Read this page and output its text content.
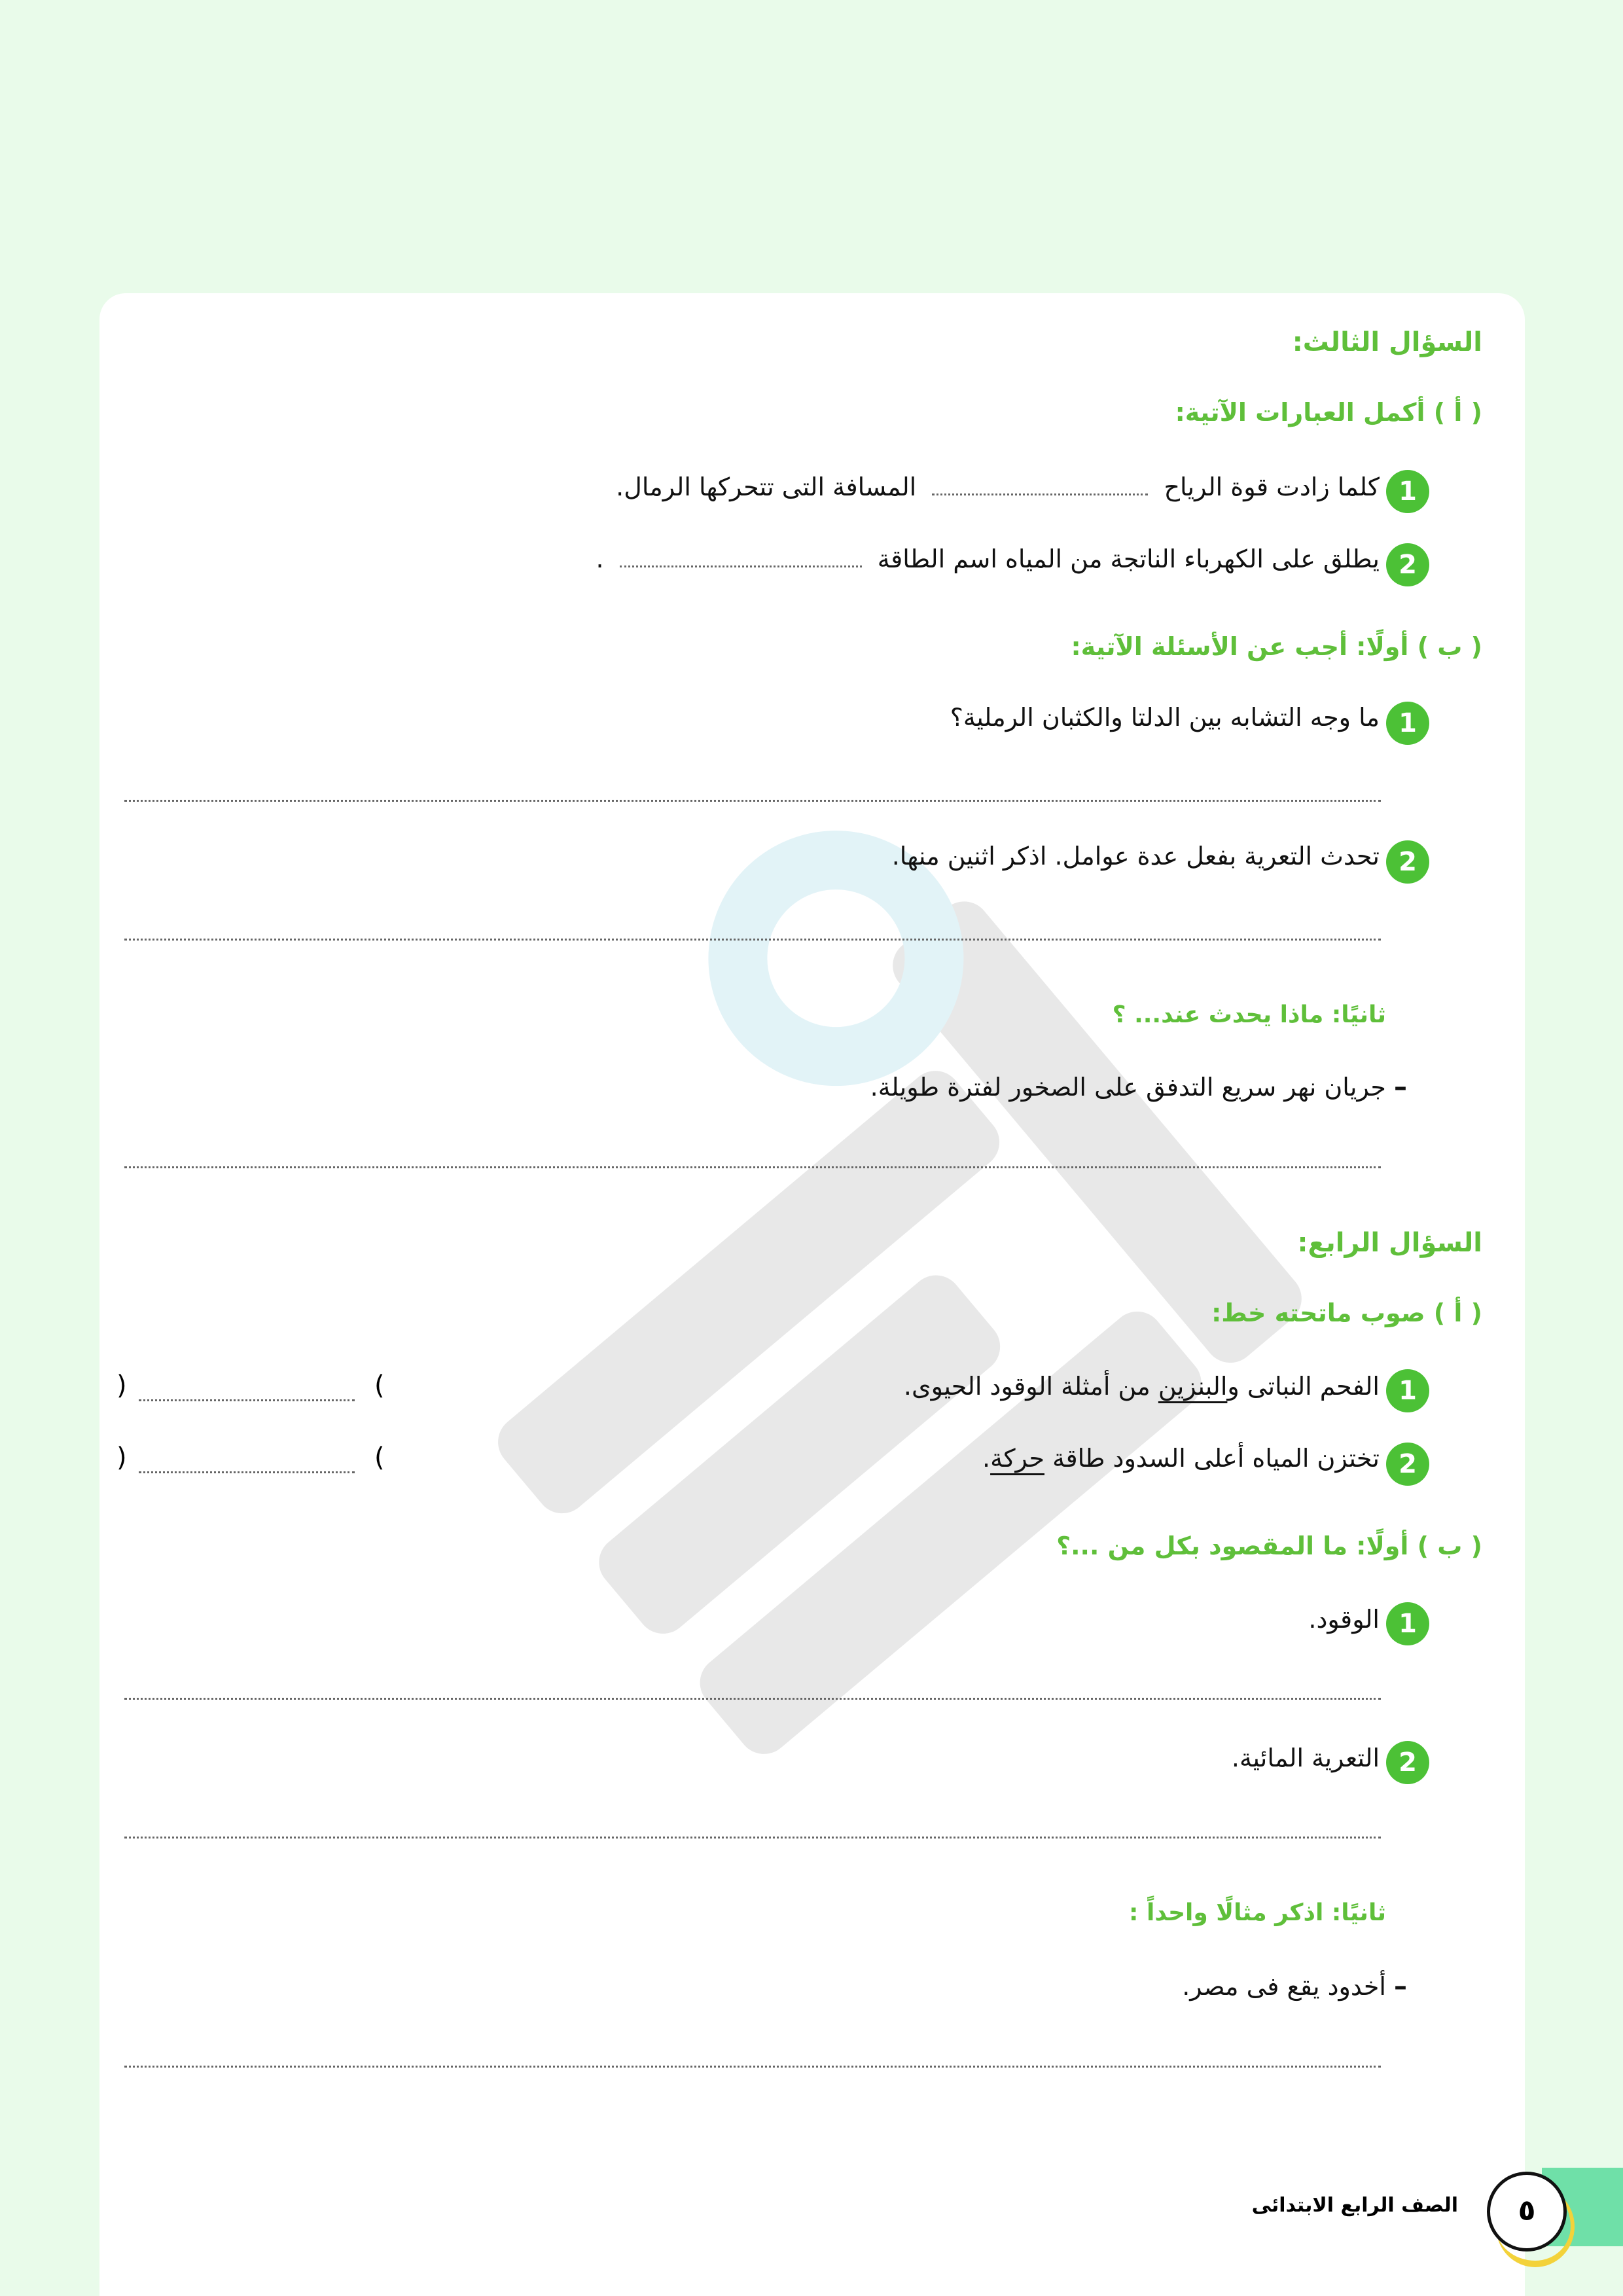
السؤال الثالث:
( أ ) أكمل العبارات الآتية:
1
كلما زادت قوة الرياح  المسافة التى تتحركها الرمال.
2
يطلق على الكهرباء الناتجة من المياه اسم الطاقة  .
( ب ) أولًا: أجب عن الأسئلة الآتية:
1
ما وجه التشابه بين الدلتا والكثبان الرملية؟
2
تحدث التعرية بفعل عدة عوامل. اذكر اثنين منها.
ثانيًا: ماذا يحدث عند... ؟
– جريان نهر سريع التدفق على الصخور لفترة طويلة.
السؤال الرابع:
( أ ) صوب ماتحته خط:
1
الفحم النباتى والبنزين من أمثلة الوقود الحيوى.
(
)
2
تختزن المياه أعلى السدود طاقة حركة.
(
)
( ب ) أولًا: ما المقصود بكل من ...؟
1
الوقود.
2
التعرية المائية.
ثانيًا: اذكر مثالًا واحداً :
– أخدود يقع فى مصر.
٥
الصف الرابع الابتدائى
